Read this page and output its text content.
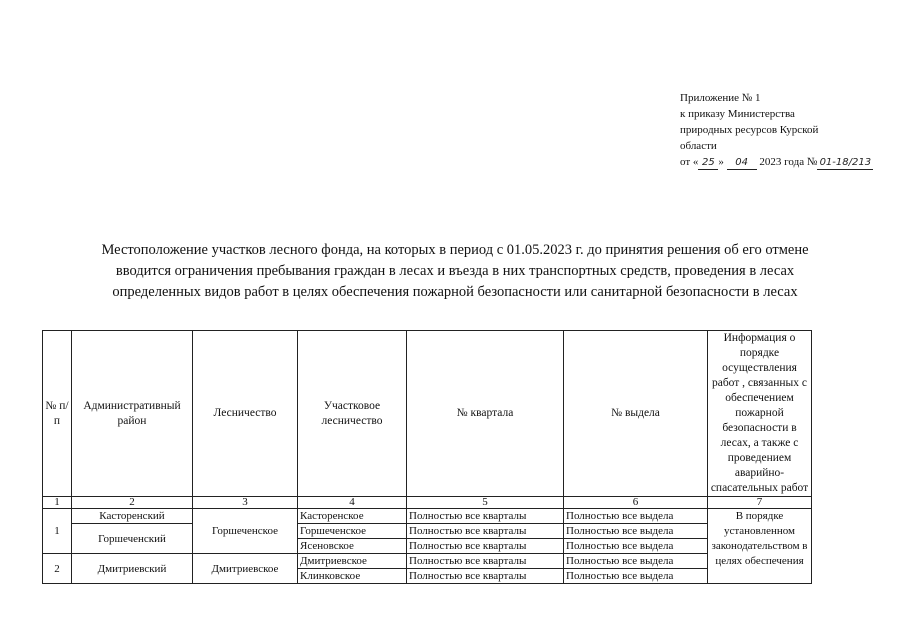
Приложение № 1
к приказу Министерства
природных ресурсов Курской
области
от « 25 » 04 2023 года № 01-18/213
Местоположение участков лесного фонда, на которых в период с 01.05.2023 г. до принятия решения об его отмене
вводится ограничения пребывания граждан в лесах и въезда в них транспортных средств, проведения в лесах
определенных видов работ в целях обеспечения пожарной безопасности или санитарной безопасности в лесах
№ п/п	Административный район	Лесничество	Участковое лесничество	№ квартала	№ выдела	Информация о порядке осуществления работ , связанных с обеспечением пожарной безопасности в лесах, а также с проведением аварийно-спасательных работ
1	2	3	4	5	6	7
1	Касторенский	Горшеченское	Касторенское	Полностью все кварталы	Полностью все выдела	В порядке установленном законодательством в целях обеспечения
	Горшеченский		Горшеченское	Полностью все кварталы	Полностью все выдела	
			Ясеновское	Полностью все кварталы	Полностью все выдела	
2	Дмитриевский	Дмитриевское	Дмитриевское	Полностью все кварталы	Полностью все выдела	
			Клинковское	Полностью все кварталы	Полностью все выдела	
